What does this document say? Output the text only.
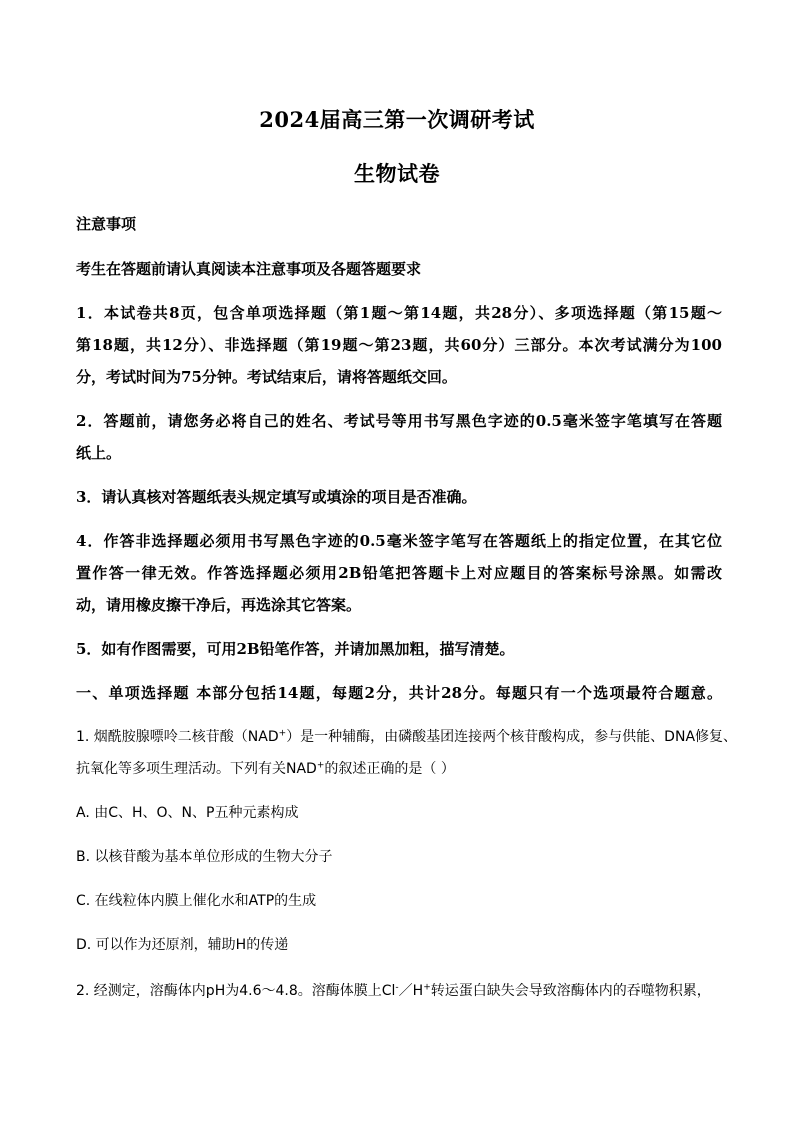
2024届高三第一次调研考试
生物试卷
注意事项
考生在答题前请认真阅读本注意事项及各题答题要求
1．本试卷共8页，包含单项选择题（第1题～第14题，共28分）、多项选择题（第15题～
第18题，共12分）、非选择题（第19题～第23题，共60分）三部分。本次考试满分为100
分，考试时间为75分钟。考试结束后，请将答题纸交回。
2．答题前，请您务必将自己的姓名、考试号等用书写黑色字迹的0.5毫米签字笔填写在答题
纸上。
3．请认真核对答题纸表头规定填写或填涂的项目是否准确。
4．作答非选择题必须用书写黑色字迹的0.5毫米签字笔写在答题纸上的指定位置，在其它位
置作答一律无效。作答选择题必须用2B铅笔把答题卡上对应题目的答案标号涂黑。如需改
动，请用橡皮擦干净后，再选涂其它答案。
5．如有作图需要，可用2B铅笔作答，并请加黑加粗，描写清楚。
一、单项选择题 本部分包括14题，每题2分，共计28分。每题只有一个选项最符合题意。
1. 烟酰胺腺嘌呤二核苷酸（NAD+）是一种辅酶，由磷酸基团连接两个核苷酸构成，参与供能、DNA修复、
抗氧化等多项生理活动。下列有关NAD+的叙述正确的是（ ）
A. 由C、H、O、N、P五种元素构成
B. 以核苷酸为基本单位形成的生物大分子
C. 在线粒体内膜上催化水和ATP的生成
D. 可以作为还原剂，辅助H的传递
2. 经测定，溶酶体内pH为4.6～4.8。溶酶体膜上Cl-／H+转运蛋白缺失会导致溶酶体内的吞噬物积累，
